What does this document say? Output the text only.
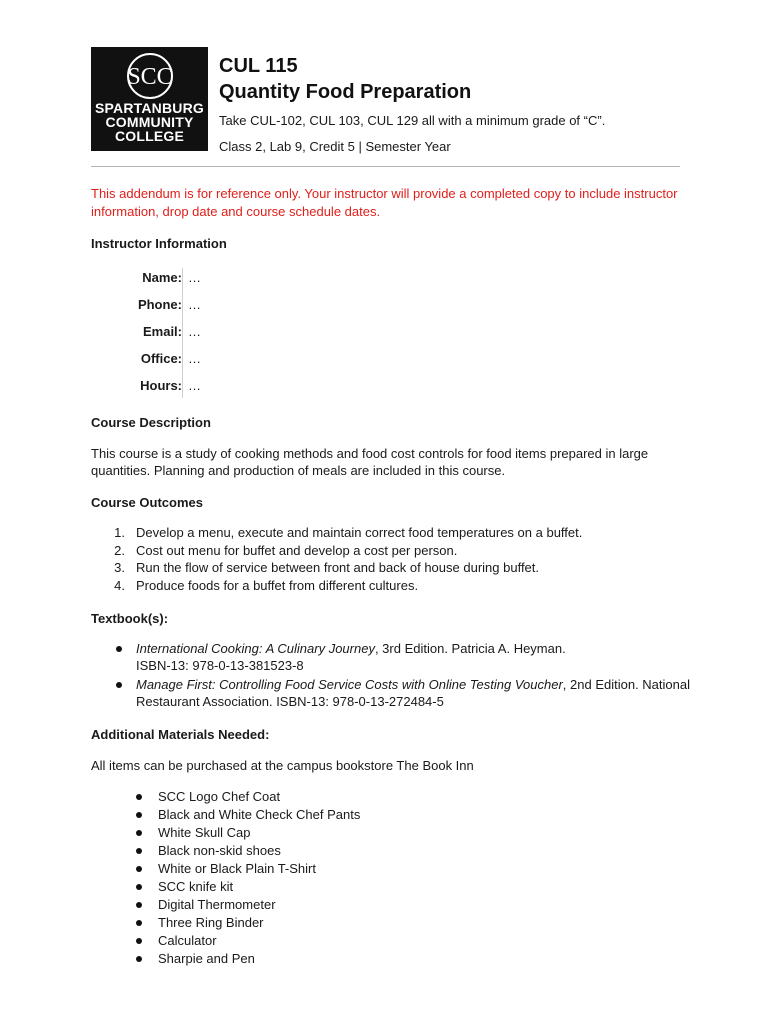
SCC
SPARTANBURG
COMMUNITY
COLLEGE
CUL 115
Quantity Food Preparation
Take CUL-102, CUL 103, CUL 129 all with a minimum grade of “C”.
Class 2, Lab 9, Credit 5 | Semester Year
This addendum is for reference only. Your instructor will provide a completed copy to include instructor information, drop date and course schedule dates.
Instructor Information
Name: …
Phone: …
Email: …
Office: …
Hours: …
Course Description
This course is a study of cooking methods and food cost controls for food items prepared in large quantities. Planning and production of meals are included in this course.
Course Outcomes
1. Develop a menu, execute and maintain correct food temperatures on a buffet.
2. Cost out menu for buffet and develop a cost per person.
3. Run the flow of service between front and back of house during buffet.
4. Produce foods for a buffet from different cultures.
Textbook(s):
International Cooking: A Culinary Journey, 3rd Edition. Patricia A. Heyman.
ISBN-13: 978-0-13-381523-8
Manage First: Controlling Food Service Costs with Online Testing Voucher, 2nd Edition. National
Restaurant Association. ISBN-13: 978-0-13-272484-5
Additional Materials Needed:
All items can be purchased at the campus bookstore The Book Inn
SCC Logo Chef Coat
Black and White Check Chef Pants
White Skull Cap
Black non-skid shoes
White or Black Plain T-Shirt
SCC knife kit
Digital Thermometer
Three Ring Binder
Calculator
Sharpie and Pen
